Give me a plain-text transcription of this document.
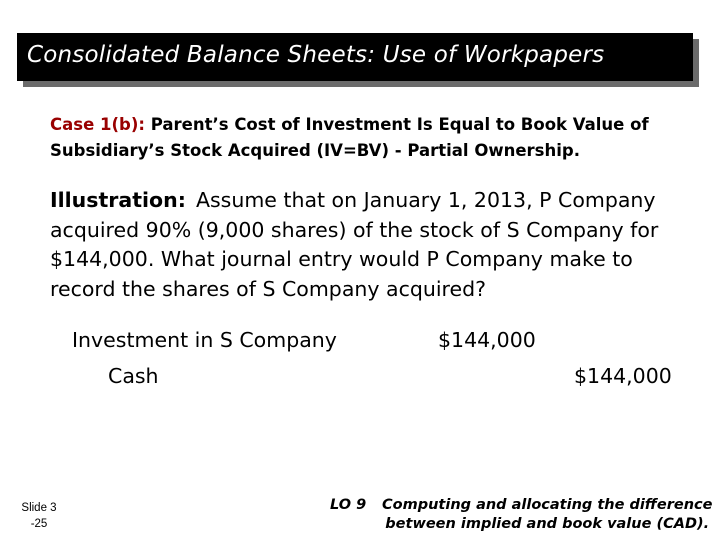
Consolidated Balance Sheets: Use of Workpapers
Case 1(b): Parent’s Cost of Investment Is Equal to Book Value of Subsidiary’s Stock Acquired (IV=BV) - Partial Ownership.
Illustration: Assume that on January 1, 2013, P Company acquired 90% (9,000 shares) of the stock of S Company for $144,000. What journal entry would P Company make to record the shares of S Company acquired?
Investment in S Company	$144,000
Cash	$144,000
Slide 3
-25
LO 9 Computing and allocating the difference
between implied and book value (CAD).
